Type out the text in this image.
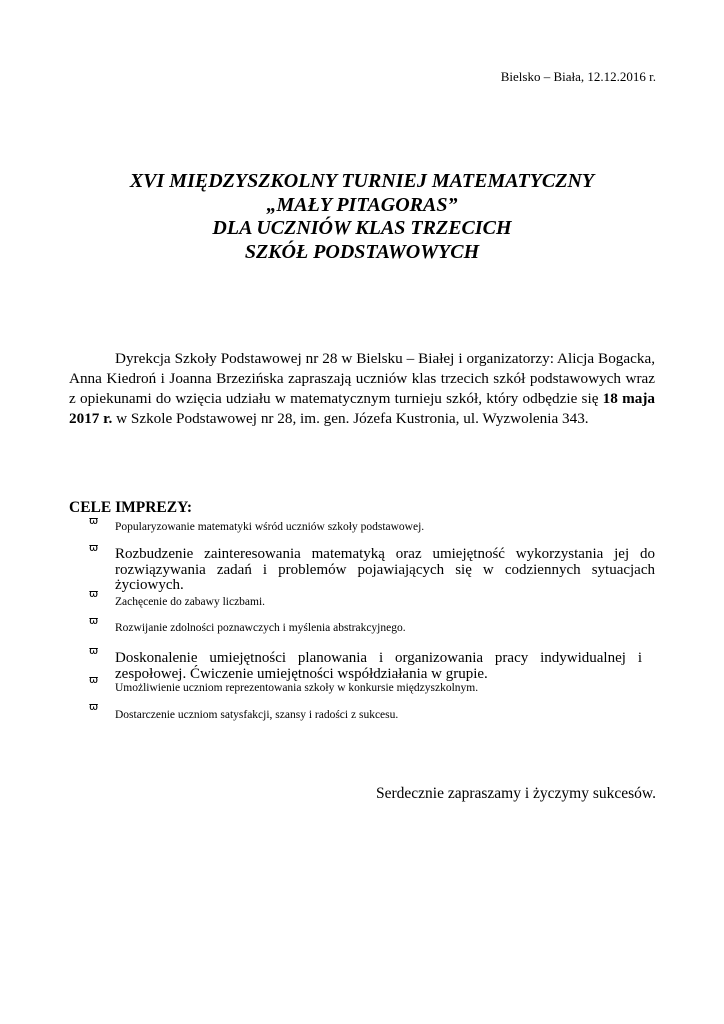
Bielsko – Biała, 12.12.2016 r.
XVI MIĘDZYSZKOLNY TURNIEJ MATEMATYCZNY
„MAŁY PITAGORAS”
DLA UCZNIÓW KLAS TRZECICH
SZKÓŁ PODSTAWOWYCH
Dyrekcja Szkoły Podstawowej nr 28 w Bielsku – Białej i organizatorzy: Alicja Bogacka, Anna Kiedroń i Joanna Brzezińska zapraszają uczniów klas trzecich szkół podstawowych wraz z opiekunami do wzięcia udziału w matematycznym turnieju szkół, który odbędzie się 18 maja 2017 r. w Szkole Podstawowej nr 28, im. gen. Józefa Kustronia, ul. Wyzwolenia 343.
CELE IMPREZY:
ϖ Popularyzowanie matematyki wśród uczniów szkoły podstawowej.
ϖ Rozbudzenie zainteresowania matematyką oraz umiejętność wykorzystania jej do rozwiązywania zadań i problemów pojawiających się w codziennych sytuacjach życiowych.
ϖ
Zachęcenie do zabawy liczbami.
ϖ
Rozwijanie zdolności poznawczych i myślenia abstrakcyjnego.
ϖ Doskonalenie umiejętności planowania i organizowania pracy indywidualnej i zespołowej. Ćwiczenie umiejętności współdziałania w grupie.
ϖ
Umożliwienie uczniom reprezentowania szkoły w konkursie międzyszkolnym.
ϖ
Dostarczenie uczniom satysfakcji, szansy i radości z sukcesu.
Serdecznie zapraszamy i życzymy sukcesów.
